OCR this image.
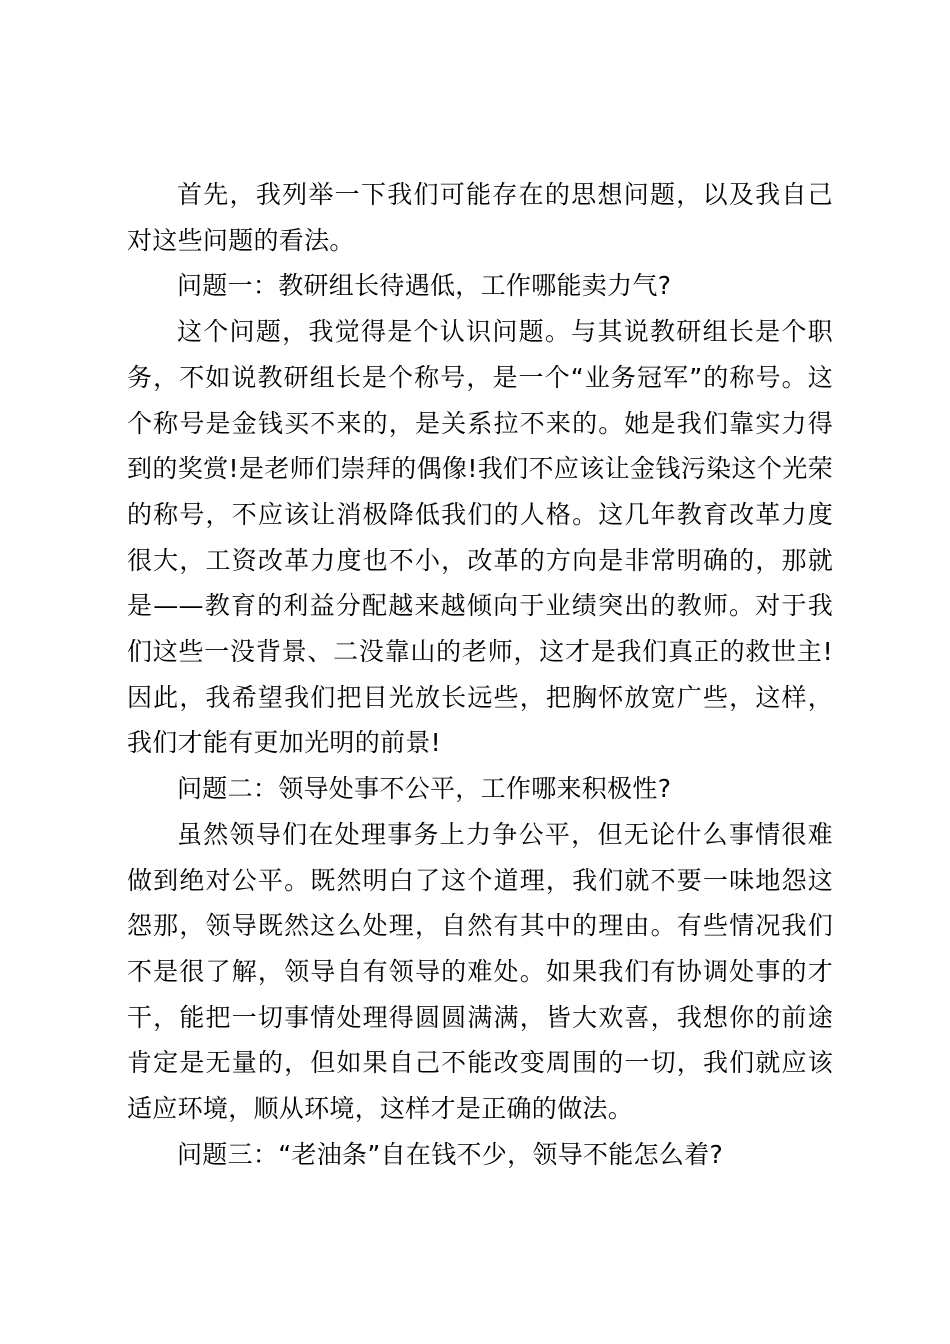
首先，我列举一下我们可能存在的思想问题，以及我自己对这些问题的看法。

问题一：教研组长待遇低，工作哪能卖力气?

这个问题，我觉得是个认识问题。与其说教研组长是个职务，不如说教研组长是个称号，是一个“业务冠军”的称号。这个称号是金钱买不来的，是关系拉不来的。她是我们靠实力得到的奖赏!是老师们崇拜的偶像!我们不应该让金钱污染这个光荣的称号，不应该让消极降低我们的人格。这几年教育改革力度很大，工资改革力度也不小，改革的方向是非常明确的，那就是——教育的利益分配越来越倾向于业绩突出的教师。对于我们这些一没背景、二没靠山的老师，这才是我们真正的救世主!因此，我希望我们把目光放长远些，把胸怀放宽广些，这样，我们才能有更加光明的前景!

问题二：领导处事不公平，工作哪来积极性?

虽然领导们在处理事务上力争公平，但无论什么事情很难做到绝对公平。既然明白了这个道理，我们就不要一味地怨这怨那，领导既然这么处理，自然有其中的理由。有些情况我们不是很了解，领导自有领导的难处。如果我们有协调处事的才干，能把一切事情处理得圆圆满满，皆大欢喜，我想你的前途肯定是无量的，但如果自己不能改变周围的一切，我们就应该适应环境，顺从环境，这样才是正确的做法。

问题三：“老油条”自在钱不少，领导不能怎么着?
